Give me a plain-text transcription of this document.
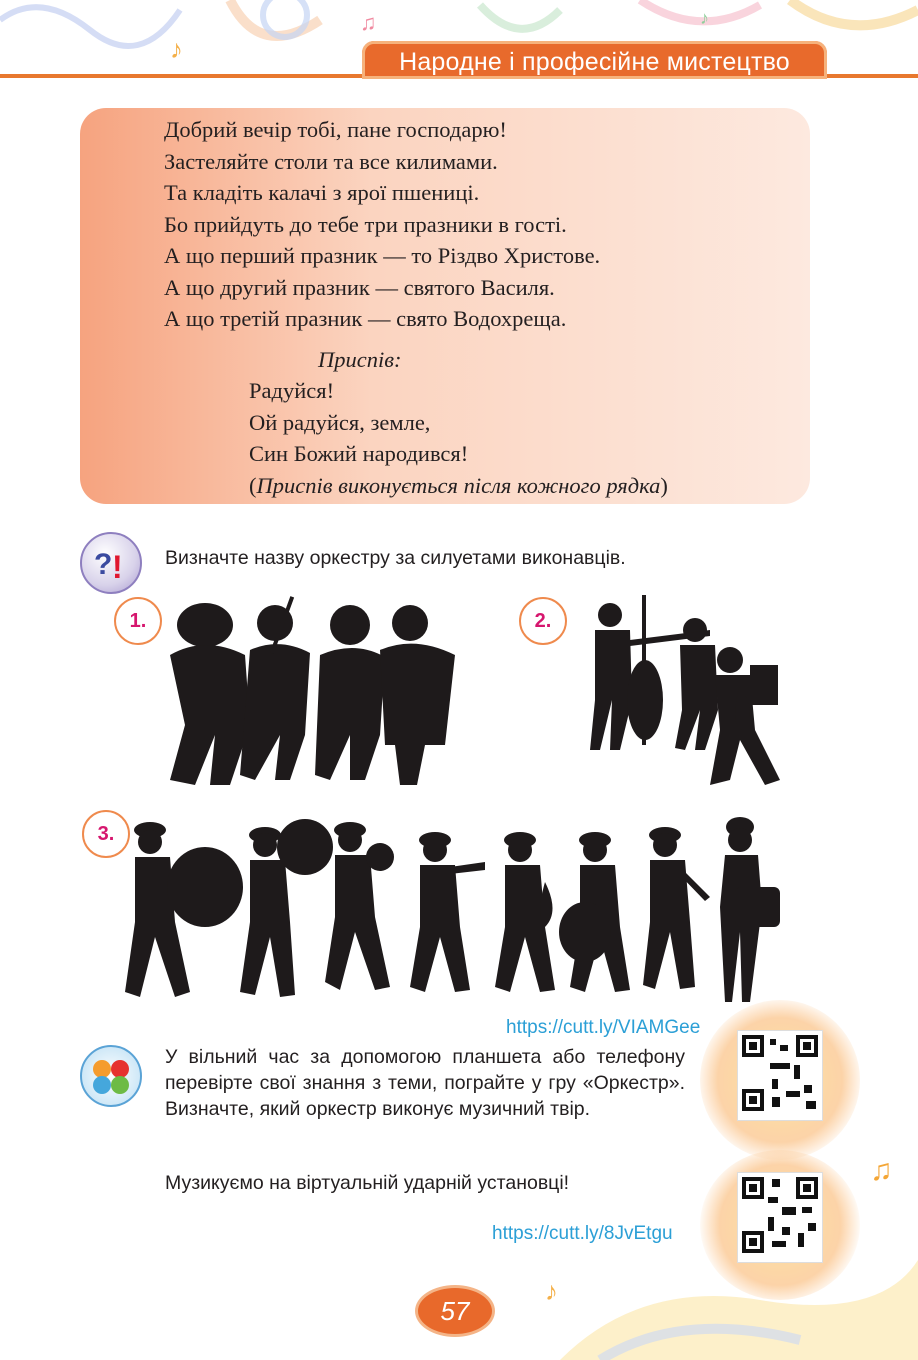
♪
♫	♪
Народне і професійне мистецтво
♪
♫
Добрий вечір тобі, пане господарю!
Застеляйте столи та все килимами.
Та кладіть калачі з ярої пшениці.
Бо прийдуть до тебе три празники в гості.
А що перший празник — то Різдво Христове.
А що другий празник — святого Василя.
А що третій празник — свято Водохреща.
Приспів:
Радуйся!
Ой радуйся, земле,
Син Божий народився!
(Приспів виконується після кожного рядка)
? ! Визначте назву оркестру за силуетами виконавців.
1.	2.
3.
https://cutt.ly/VIAMGee
У вільний час за допомогою планшета або телефону перевірте свої знання з теми, пограйте у гру «Оркестр». Визначте, який оркестр виконує музичний твір.
Музикуємо на віртуальній ударній установці!
https://cutt.ly/8JvEtgu
57
